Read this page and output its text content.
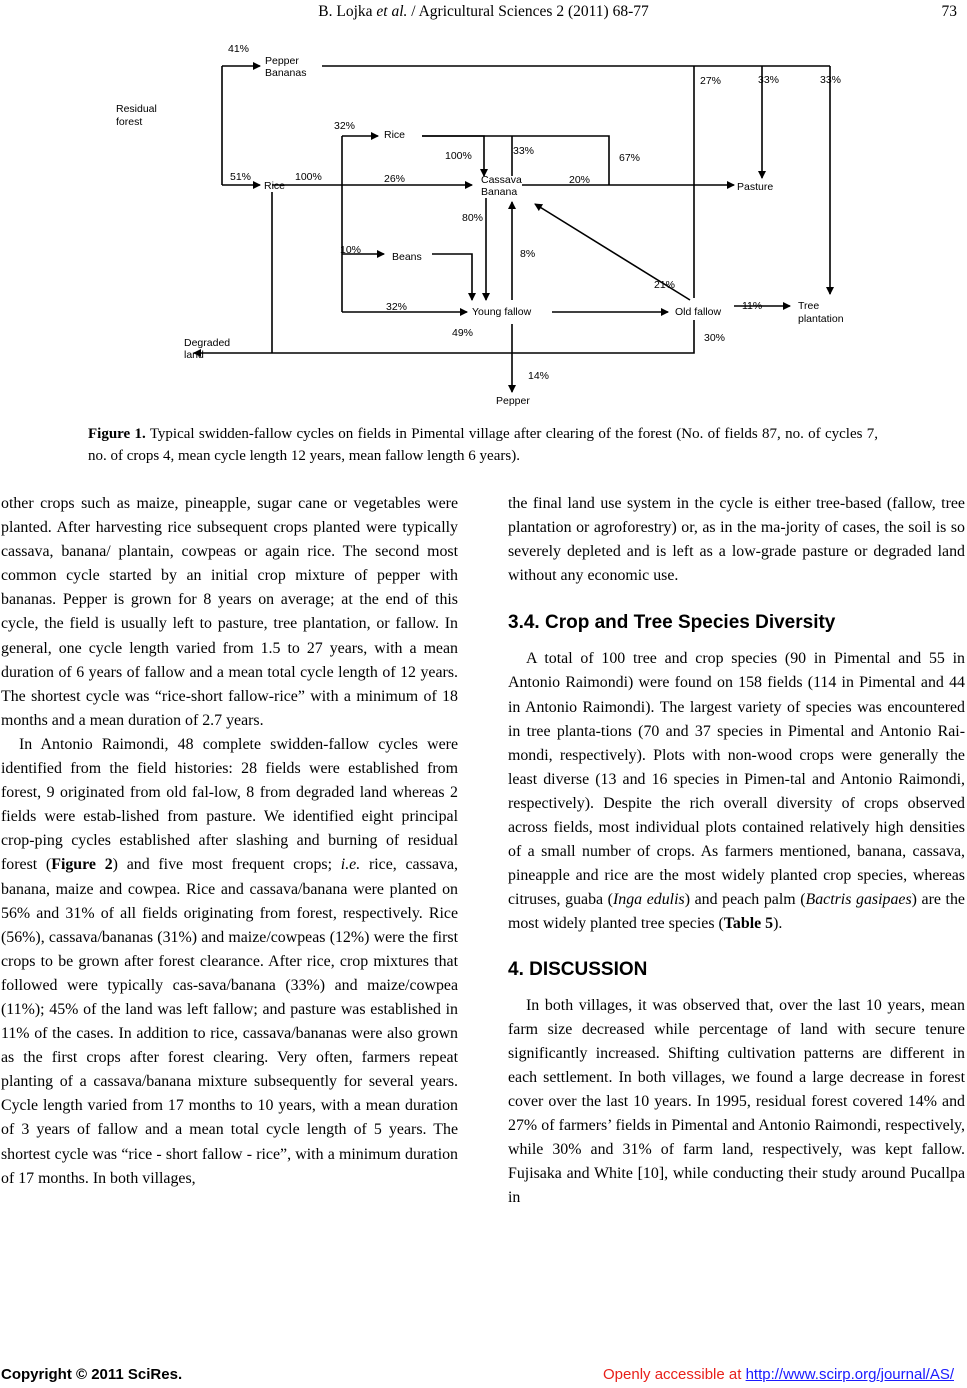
B. Lojka et al. / Agricultural Sciences 2 (2011) 68-77	73
Residual
forest
Pepper
Bananas
Rice
Rice
Cassava
Banana
Beans
Young fallow	Old fallow
Pasture
Tree
plantation
Degraded
land
Pepper
41%
51%	100%
32%
26%
10%
32%
100%	33%
80%
8%
20%
67%
27%	33%	33%
21%
11%
30%
49%
14%
Figure 1. Typical swidden-fallow cycles on fields in Pimental village after clearing of the forest (No. of fields 87, no. of cycles 7, no. of crops 4, mean cycle length 12 years, mean fallow length 6 years).

other crops such as maize, pineapple, sugar cane or vegetables were planted. After harvesting rice subsequent crops planted were typically cassava, banana/ plantain, cowpeas or again rice. The second most common cycle started by an initial crop mixture of pepper with bananas. Pepper is grown for 8 years on average; at the end of this cycle, the field is usually left to pasture, tree plantation, or fallow. In general, one cycle length varied from 1.5 to 27 years, with a mean duration of 6 years of fallow and a mean total cycle length of 12 years. The shortest cycle was “rice-short fallow-rice” with a minimum of 18 months and a mean duration of 2.7 years.

In Antonio Raimondi, 48 complete swidden-fallow cycles were identified from the field histories: 28 fields were established from forest, 9 originated from old fal-low, 8 from degraded land whereas 2 fields were estab-lished from pasture. We identified eight principal crop-ping cycles established after slashing and burning of residual forest (Figure 2) and five most frequent crops; i.e. rice, cassava, banana, maize and cowpea. Rice and cassava/banana were planted on 56% and 31% of all fields originating from forest, respectively. Rice (56%), cassava/bananas (31%) and maize/cowpeas (12%) were the first crops to be grown after forest clearance. After rice, crop mixtures that followed were typically cas-sava/banana (33%) and maize/cowpea (11%); 45% of the land was left fallow; and pasture was established in 11% of the cases. In addition to rice, cassava/bananas were also grown as the first crops after forest clearing. Very often, farmers repeat planting of a cassava/banana mixture subsequently for several years. Cycle length varied from 17 months to 10 years, with a mean duration of 3 years of fallow and a mean total cycle length of 5 years. The shortest cycle was “rice - short fallow - rice”, with a minimum duration of 17 months. In both villages,

the final land use system in the cycle is either tree-based (fallow, tree plantation or agroforestry) or, as in the ma-jority of cases, the soil is so severely depleted and is left as a low-grade pasture or degraded land without any economic use.

3.4. Crop and Tree Species Diversity

A total of 100 tree and crop species (90 in Pimental and 55 in Antonio Raimondi) were found on 158 fields (114 in Pimental and 44 in Antonio Raimondi). The largest variety of species was encountered in tree planta-tions (70 and 37 species in Pimental and Antonio Rai-mondi, respectively). Plots with non-wood crops were generally the least diverse (13 and 16 species in Pimen-tal and Antonio Raimondi, respectively). Despite the rich overall diversity of crops observed across fields, most individual plots contained relatively high densities of a small number of crops. As farmers mentioned, banana, cassava, pineapple and rice are the most widely planted crop species, whereas citruses, guaba (Inga edulis) and peach palm (Bactris gasipaes) are the most widely planted tree species (Table 5).

4. DISCUSSION

In both villages, it was observed that, over the last 10 years, mean farm size decreased while percentage of land with secure tenure significantly increased. Shifting cultivation patterns are different in each settlement. In both villages, we found a large decrease in forest cover over the last 10 years. In 1995, residual forest covered 14% and 27% of farmers’ fields in Pimental and Antonio Raimondi, respectively, while 30% and 31% of farm land, respectively, was kept fallow. Fujisaka and White [10], while conducting their study around Pucallpa in

Copyright © 2011 SciRes.	Openly accessible at http://www.scirp.org/journal/AS/
